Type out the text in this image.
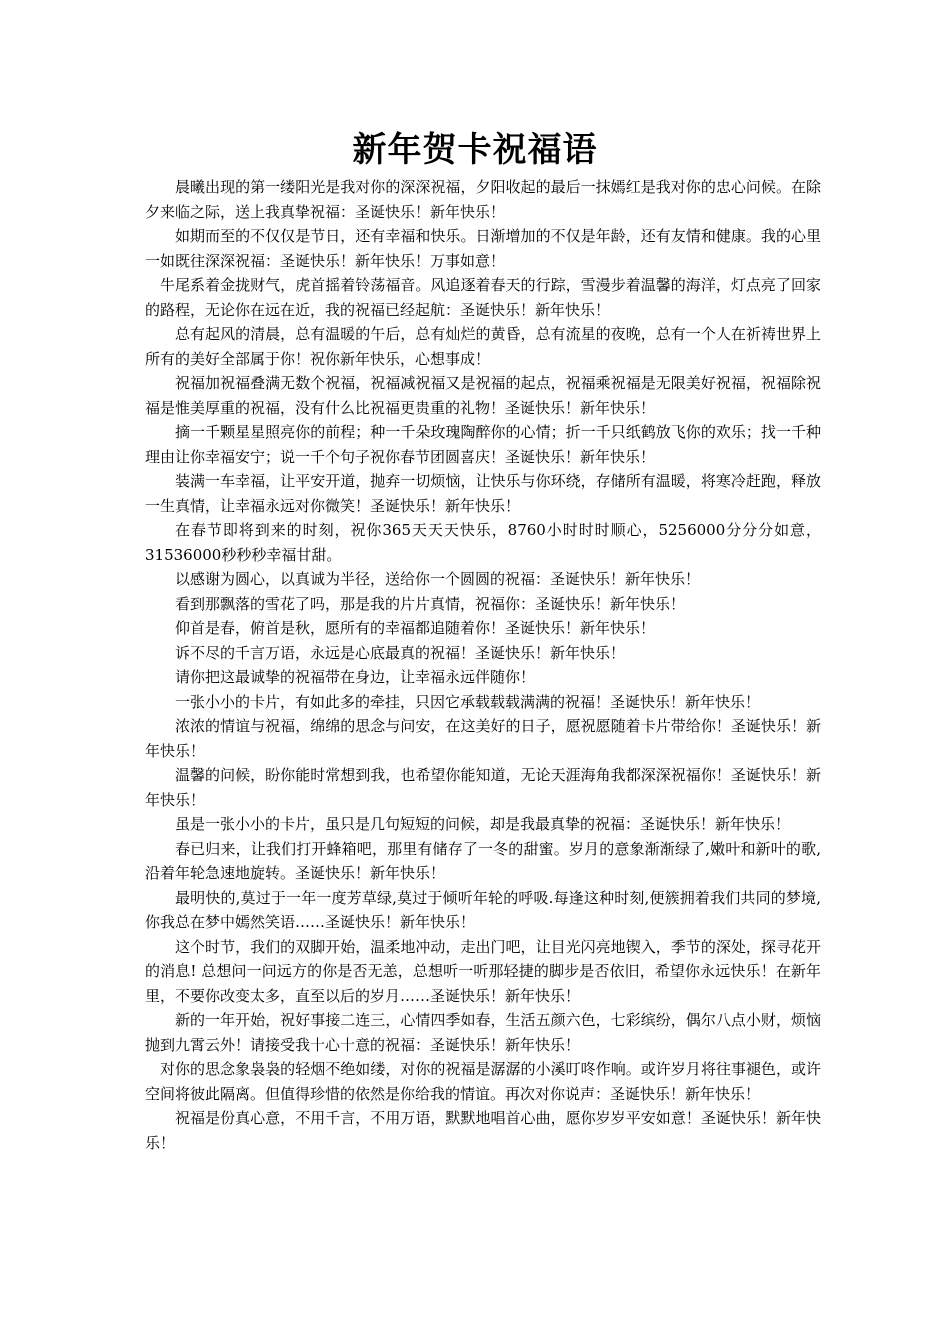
新年贺卡祝福语

晨曦出现的第一缕阳光是我对你的深深祝福，夕阳收起的最后一抹嫣红是我对你的忠心问候。在除夕来临之际，送上我真挚祝福：圣诞快乐！新年快乐！

如期而至的不仅仅是节日，还有幸福和快乐。日渐增加的不仅是年龄，还有友情和健康。我的心里一如既往深深祝福：圣诞快乐！新年快乐！万事如意！

牛尾系着金拢财气，虎首摇着铃荡福音。风追逐着春天的行踪，雪漫步着温馨的海洋，灯点亮了回家的路程，无论你在远在近，我的祝福已经起航：圣诞快乐！新年快乐！

总有起风的清晨，总有温暖的午后，总有灿烂的黄昏，总有流星的夜晚，总有一个人在祈祷世界上所有的美好全部属于你！祝你新年快乐，心想事成！

祝福加祝福叠满无数个祝福，祝福减祝福又是祝福的起点，祝福乘祝福是无限美好祝福，祝福除祝福是惟美厚重的祝福，没有什么比祝福更贵重的礼物！圣诞快乐！新年快乐！

摘一千颗星星照亮你的前程；种一千朵玫瑰陶醉你的心情；折一千只纸鹤放飞你的欢乐；找一千种理由让你幸福安宁；说一千个句子祝你春节团圆喜庆！圣诞快乐！新年快乐！

装满一车幸福，让平安开道，抛弃一切烦恼，让快乐与你环绕，存储所有温暖，将寒冷赶跑，释放一生真情，让幸福永远对你微笑！圣诞快乐！新年快乐！

在春节即将到来的时刻，祝你365天天天快乐，8760小时时时顺心，5256000分分分如意，31536000秒秒秒幸福甘甜。

以感谢为圆心，以真诚为半径，送给你一个圆圆的祝福：圣诞快乐！新年快乐！

看到那飘落的雪花了吗，那是我的片片真情，祝福你：圣诞快乐！新年快乐！

仰首是春，俯首是秋，愿所有的幸福都追随着你！圣诞快乐！新年快乐！

诉不尽的千言万语，永远是心底最真的祝福！圣诞快乐！新年快乐！

请你把这最诚挚的祝福带在身边，让幸福永远伴随你！

一张小小的卡片，有如此多的牵挂，只因它承载载载满满的祝福！圣诞快乐！新年快乐！

浓浓的情谊与祝福，绵绵的思念与问安，在这美好的日子，愿祝愿随着卡片带给你！圣诞快乐！新年快乐！

温馨的问候，盼你能时常想到我，也希望你能知道，无论天涯海角我都深深祝福你！圣诞快乐！新年快乐！

虽是一张小小的卡片，虽只是几句短短的问候，却是我最真挚的祝福：圣诞快乐！新年快乐！

春已归来，让我们打开蜂箱吧，那里有储存了一冬的甜蜜。岁月的意象渐渐绿了,嫩叶和新叶的歌,沿着年轮急速地旋转。圣诞快乐！新年快乐！

最明快的,莫过于一年一度芳草绿,莫过于倾听年轮的呼吸.每逢这种时刻,便簇拥着我们共同的梦境,你我总在梦中嫣然笑语……圣诞快乐！新年快乐！

这个时节，我们的双脚开始，温柔地冲动，走出门吧，让目光闪亮地锲入，季节的深处，探寻花开的消息! 总想问一问远方的你是否无恙，总想听一听那轻捷的脚步是否依旧，希望你永远快乐！在新年里，不要你改变太多，直至以后的岁月……圣诞快乐！新年快乐！

新的一年开始，祝好事接二连三，心情四季如春，生活五颜六色，七彩缤纷，偶尔八点小财，烦恼抛到九霄云外！请接受我十心十意的祝福：圣诞快乐！新年快乐！

对你的思念象袅袅的轻烟不绝如缕，对你的祝福是潺潺的小溪叮咚作响。或许岁月将往事褪色，或许空间将彼此隔离。但值得珍惜的依然是你给我的情谊。再次对你说声：圣诞快乐！新年快乐！

祝福是份真心意，不用千言，不用万语，默默地唱首心曲，愿你岁岁平安如意！圣诞快乐！新年快乐！
